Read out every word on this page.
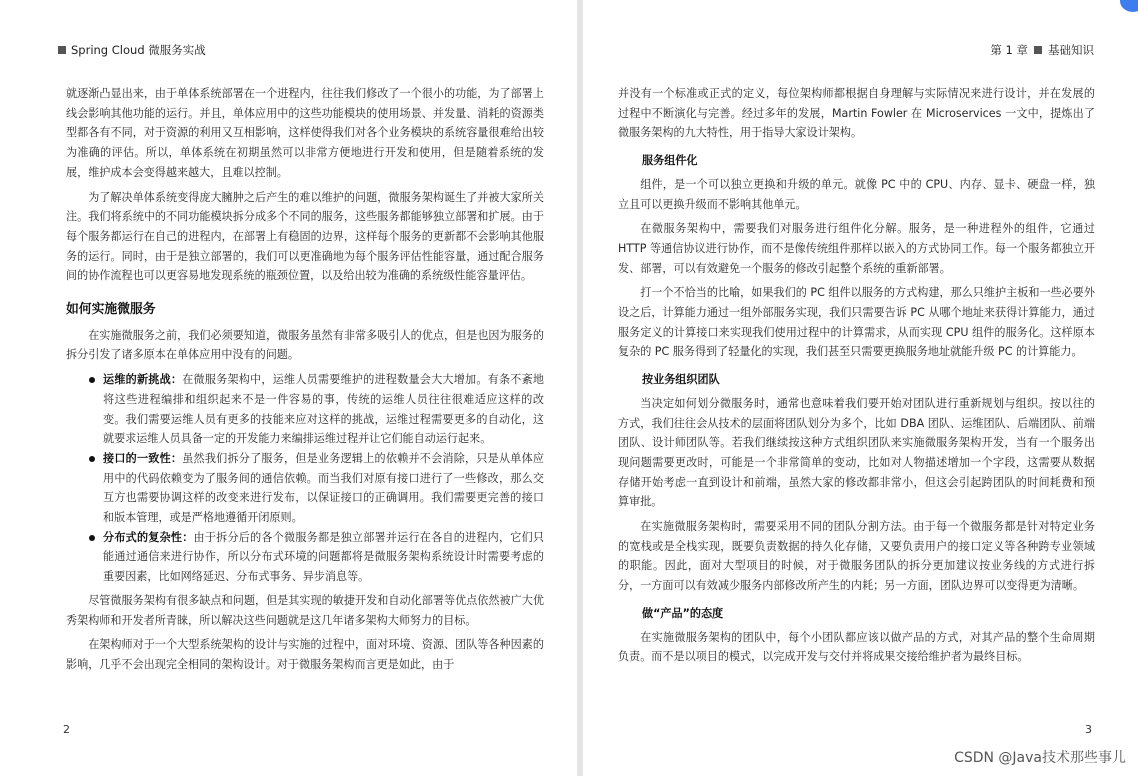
Spring Cloud 微服务实战

就逐渐凸显出来，由于单体系统部署在一个进程内，往往我们修改了一个很小的功能，为了部署上线会影响其他功能的运行。并且，单体应用中的这些功能模块的使用场景、并发量、消耗的资源类型都各有不同，对于资源的利用又互相影响，这样使得我们对各个业务模块的系统容量很难给出较为准确的评估。所以，单体系统在初期虽然可以非常方便地进行开发和使用，但是随着系统的发展，维护成本会变得越来越大，且难以控制。

为了解决单体系统变得庞大臃肿之后产生的难以维护的问题，微服务架构诞生了并被大家所关注。我们将系统中的不同功能模块拆分成多个不同的服务，这些服务都能够独立部署和扩展。由于每个服务都运行在自己的进程内，在部署上有稳固的边界，这样每个服务的更新都不会影响其他服务的运行。同时，由于是独立部署的，我们可以更准确地为每个服务评估性能容量，通过配合服务间的协作流程也可以更容易地发现系统的瓶颈位置，以及给出较为准确的系统级性能容量评估。

如何实施微服务

在实施微服务之前，我们必须要知道，微服务虽然有非常多吸引人的优点，但是也因为服务的拆分引发了诸多原本在单体应用中没有的问题。

运维的新挑战：在微服务架构中，运维人员需要维护的进程数量会大大增加。有条不紊地将这些进程编排和组织起来不是一件容易的事，传统的运维人员往往很难适应这样的改变。我们需要运维人员有更多的技能来应对这样的挑战，运维过程需要更多的自动化，这就要求运维人员具备一定的开发能力来编排运维过程并让它们能自动运行起来。
接口的一致性：虽然我们拆分了服务，但是业务逻辑上的依赖并不会消除，只是从单体应用中的代码依赖变为了服务间的通信依赖。而当我们对原有接口进行了一些修改，那么交互方也需要协调这样的改变来进行发布，以保证接口的正确调用。我们需要更完善的接口和版本管理，或是严格地遵循开闭原则。
分布式的复杂性：由于拆分后的各个微服务都是独立部署并运行在各自的进程内，它们只能通过通信来进行协作，所以分布式环境的问题都将是微服务架构系统设计时需要考虑的重要因素，比如网络延迟、分布式事务、异步消息等。

尽管微服务架构有很多缺点和问题，但是其实现的敏捷开发和自动化部署等优点依然被广大优秀架构师和开发者所青睐，所以解决这些问题就是这几年诸多架构大师努力的目标。

在架构师对于一个大型系统架构的设计与实施的过程中，面对环境、资源、团队等各种因素的影响，几乎不会出现完全相同的架构设计。对于微服务架构而言更是如此，由于

2
第 1 章 基础知识

并没有一个标准或正式的定义，每位架构师都根据自身理解与实际情况来进行设计，并在发展的过程中不断演化与完善。经过多年的发展，Martin Fowler 在 Microservices 一文中，提炼出了微服务架构的九大特性，用于指导大家设计架构。

服务组件化

组件，是一个可以独立更换和升级的单元。就像 PC 中的 CPU、内存、显卡、硬盘一样，独立且可以更换升级而不影响其他单元。

在微服务架构中，需要我们对服务进行组件化分解。服务，是一种进程外的组件，它通过 HTTP 等通信协议进行协作，而不是像传统组件那样以嵌入的方式协同工作。每一个服务都独立开发、部署，可以有效避免一个服务的修改引起整个系统的重新部署。

打一个不恰当的比喻，如果我们的 PC 组件以服务的方式构建，那么只维护主板和一些必要外设之后，计算能力通过一组外部服务实现，我们只需要告诉 PC 从哪个地址来获得计算能力，通过服务定义的计算接口来实现我们使用过程中的计算需求，从而实现 CPU 组件的服务化。这样原本复杂的 PC 服务得到了轻量化的实现，我们甚至只需要更换服务地址就能升级 PC 的计算能力。

按业务组织团队

当决定如何划分微服务时，通常也意味着我们要开始对团队进行重新规划与组织。按以往的方式，我们往往会从技术的层面将团队划分为多个，比如 DBA 团队、运维团队、后端团队、前端团队、设计师团队等。若我们继续按这种方式组织团队来实施微服务架构开发，当有一个服务出现问题需要更改时，可能是一个非常简单的变动，比如对人物描述增加一个字段，这需要从数据存储开始考虑一直到设计和前端，虽然大家的修改都非常小，但这会引起跨团队的时间耗费和预算审批。

在实施微服务架构时，需要采用不同的团队分割方法。由于每一个微服务都是针对特定业务的宽栈或是全栈实现，既要负责数据的持久化存储，又要负责用户的接口定义等各种跨专业领域的职能。因此，面对大型项目的时候，对于微服务团队的拆分更加建议按业务线的方式进行拆分，一方面可以有效减少服务内部修改所产生的内耗；另一方面，团队边界可以变得更为清晰。

做“产品”的态度

在实施微服务架构的团队中，每个小团队都应该以做产品的方式，对其产品的整个生命周期负责。而不是以项目的模式，以完成开发与交付并将成果交接给维护者为最终目标。

3
CSDN @Java技术那些事儿
